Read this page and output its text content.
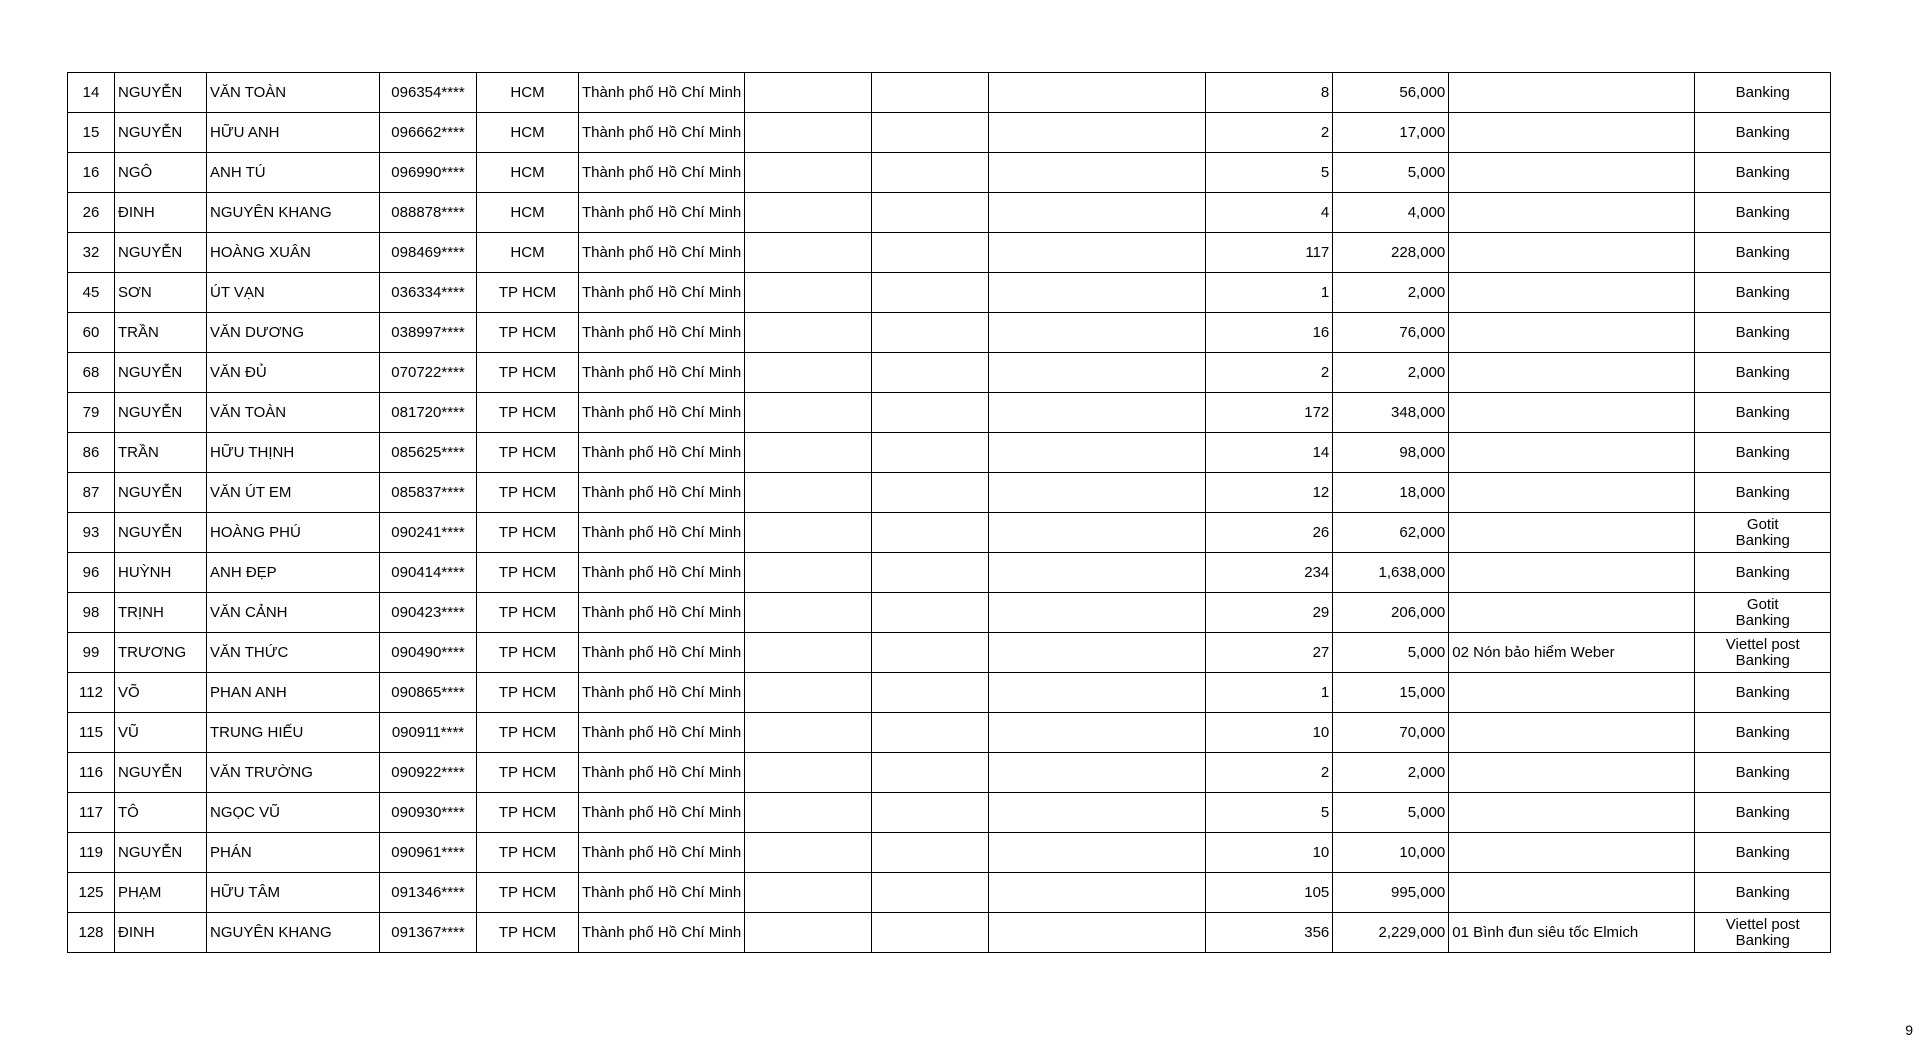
14	NGUYỄN	VĂN TOÀN	096354****	HCM	Thành phố Hồ Chí Minh				8	56,000		Banking

15	NGUYỄN	HỮU ANH	096662****	HCM	Thành phố Hồ Chí Minh				2	17,000		Banking

16	NGÔ	ANH TÚ	096990****	HCM	Thành phố Hồ Chí Minh				5	5,000		Banking

26	ĐINH	NGUYÊN KHANG	088878****	HCM	Thành phố Hồ Chí Minh				4	4,000		Banking

32	NGUYỄN	HOÀNG XUÂN	098469****	HCM	Thành phố Hồ Chí Minh				117	228,000		Banking

45	SƠN	ÚT VẠN	036334****	TP HCM	Thành phố Hồ Chí Minh				1	2,000		Banking

60	TRẦN	VĂN DƯƠNG	038997****	TP HCM	Thành phố Hồ Chí Minh				16	76,000		Banking

68	NGUYỄN	VĂN ĐỦ	070722****	TP HCM	Thành phố Hồ Chí Minh				2	2,000		Banking

79	NGUYỄN	VĂN TOÀN	081720****	TP HCM	Thành phố Hồ Chí Minh				172	348,000		Banking

86	TRẦN	HỮU THỊNH	085625****	TP HCM	Thành phố Hồ Chí Minh				14	98,000		Banking

87	NGUYỄN	VĂN ÚT EM	085837****	TP HCM	Thành phố Hồ Chí Minh				12	18,000		Banking

93	NGUYỄN	HOÀNG PHÚ	090241****	TP HCM	Thành phố Hồ Chí Minh				26	62,000		Gotit
Banking

96	HUỲNH	ANH ĐẸP	090414****	TP HCM	Thành phố Hồ Chí Minh				234	1,638,000		Banking

98	TRỊNH	VĂN CẢNH	090423****	TP HCM	Thành phố Hồ Chí Minh				29	206,000		Gotit
Banking

99	TRƯƠNG	VĂN THỨC	090490****	TP HCM	Thành phố Hồ Chí Minh				27	5,000	02 Nón bảo hiểm Weber	Viettel post
Banking

112	VÕ	PHAN ANH	090865****	TP HCM	Thành phố Hồ Chí Minh				1	15,000		Banking

115	VŨ	TRUNG HIẾU	090911****	TP HCM	Thành phố Hồ Chí Minh				10	70,000		Banking

116	NGUYỄN	VĂN TRƯỜNG	090922****	TP HCM	Thành phố Hồ Chí Minh				2	2,000		Banking

117	TÔ	NGỌC VŨ	090930****	TP HCM	Thành phố Hồ Chí Minh				5	5,000		Banking

119	NGUYỄN	PHÁN	090961****	TP HCM	Thành phố Hồ Chí Minh				10	10,000		Banking

125	PHẠM	HỮU TÂM	091346****	TP HCM	Thành phố Hồ Chí Minh				105	995,000		Banking

128	ĐINH	NGUYÊN KHANG	091367****	TP HCM	Thành phố Hồ Chí Minh				356	2,229,000	01 Bình đun siêu tốc Elmich	Viettel post
Banking
9
